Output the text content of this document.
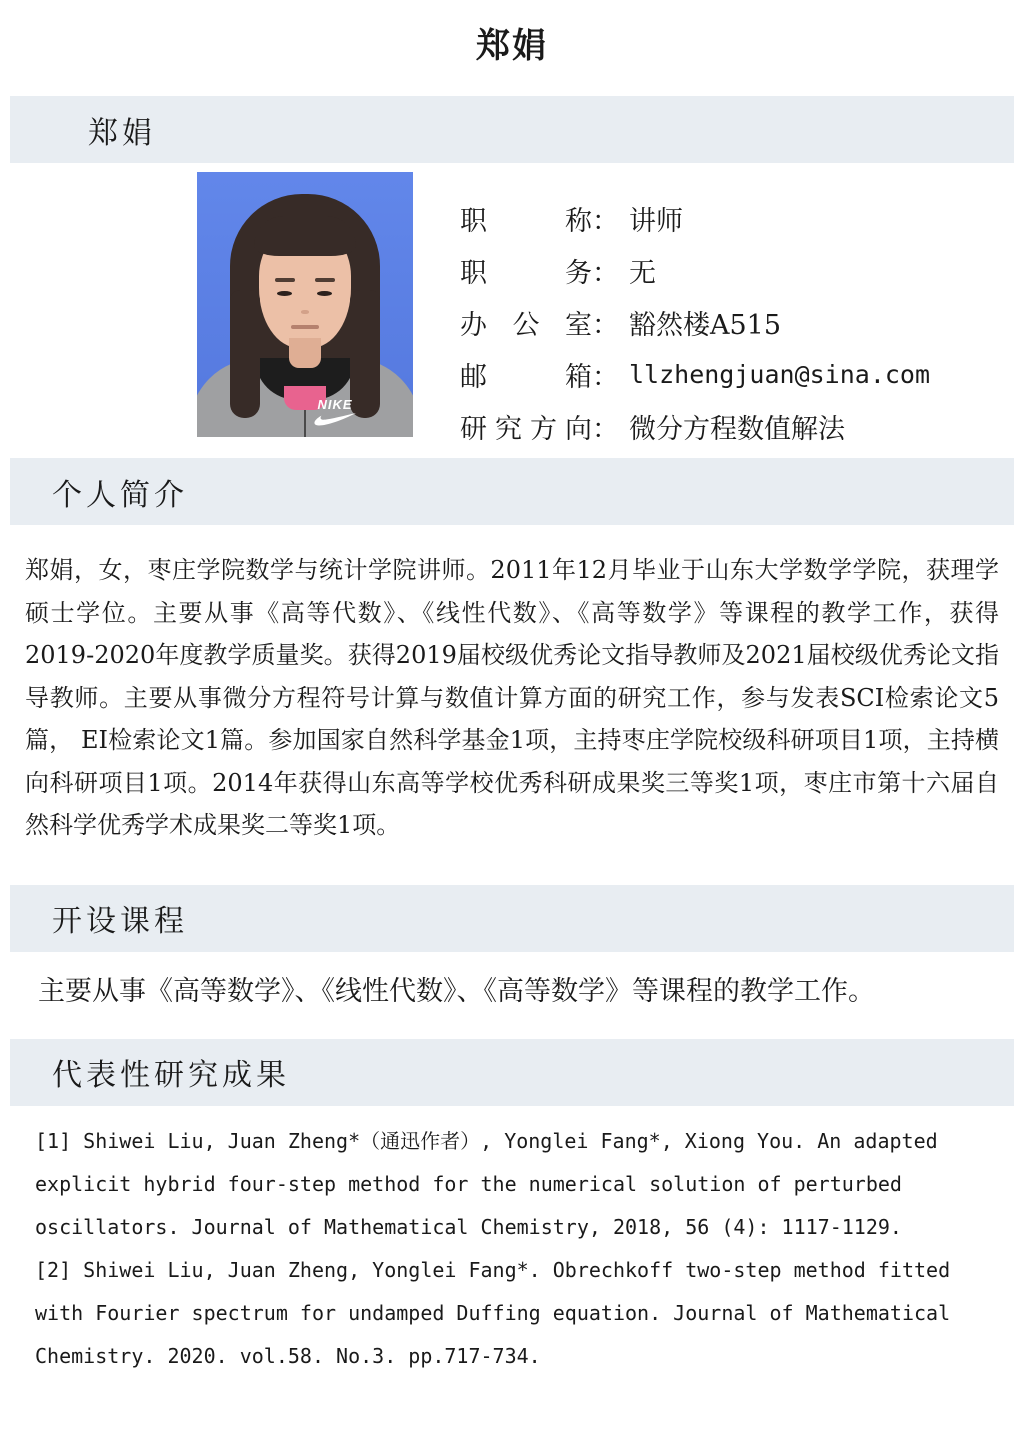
郑娟
郑娟
NIKE
职称 ： 讲师
职务 ： 无
办公室 ： 豁然楼A515
邮箱 ： llzhengjuan@sina.com
研究方向 ： 微分方程数值解法
个人简介
郑娟，女，枣庄学院数学与统计学院讲师。2011年12月毕业于山东大学数学学院，获理学硕士学位。主要从事《高等代数》、《线性代数》、《高等数学》等课程的教学工作，获得2019-2020年度教学质量奖。获得2019届校级优秀论文指导教师及2021届校级优秀论文指导教师。主要从事微分方程符号计算与数值计算方面的研究工作，参与发表SCI检索论文5篇， EI检索论文1篇。参加国家自然科学基金1项，主持枣庄学院校级科研项目1项，主持横向科研项目1项。2014年获得山东高等学校优秀科研成果奖三等奖1项，枣庄市第十六届自然科学优秀学术成果奖二等奖1项。
开设课程
主要从事《高等数学》、《线性代数》、《高等数学》等课程的教学工作。
代表性研究成果

[1] Shiwei Liu, Juan Zheng*（通迅作者）, Yonglei Fang*, Xiong You. An adapted explicit hybrid four-step method for the numerical solution of perturbed oscillators. Journal of Mathematical Chemistry, 2018, 56 (4): 1117-1129.

[2] Shiwei Liu, Juan Zheng, Yonglei Fang*. Obrechkoff two-step method fitted with Fourier spectrum for undamped Duffing equation. Journal of Mathematical Chemistry. 2020. vol.58. No.3. pp.717-734.
